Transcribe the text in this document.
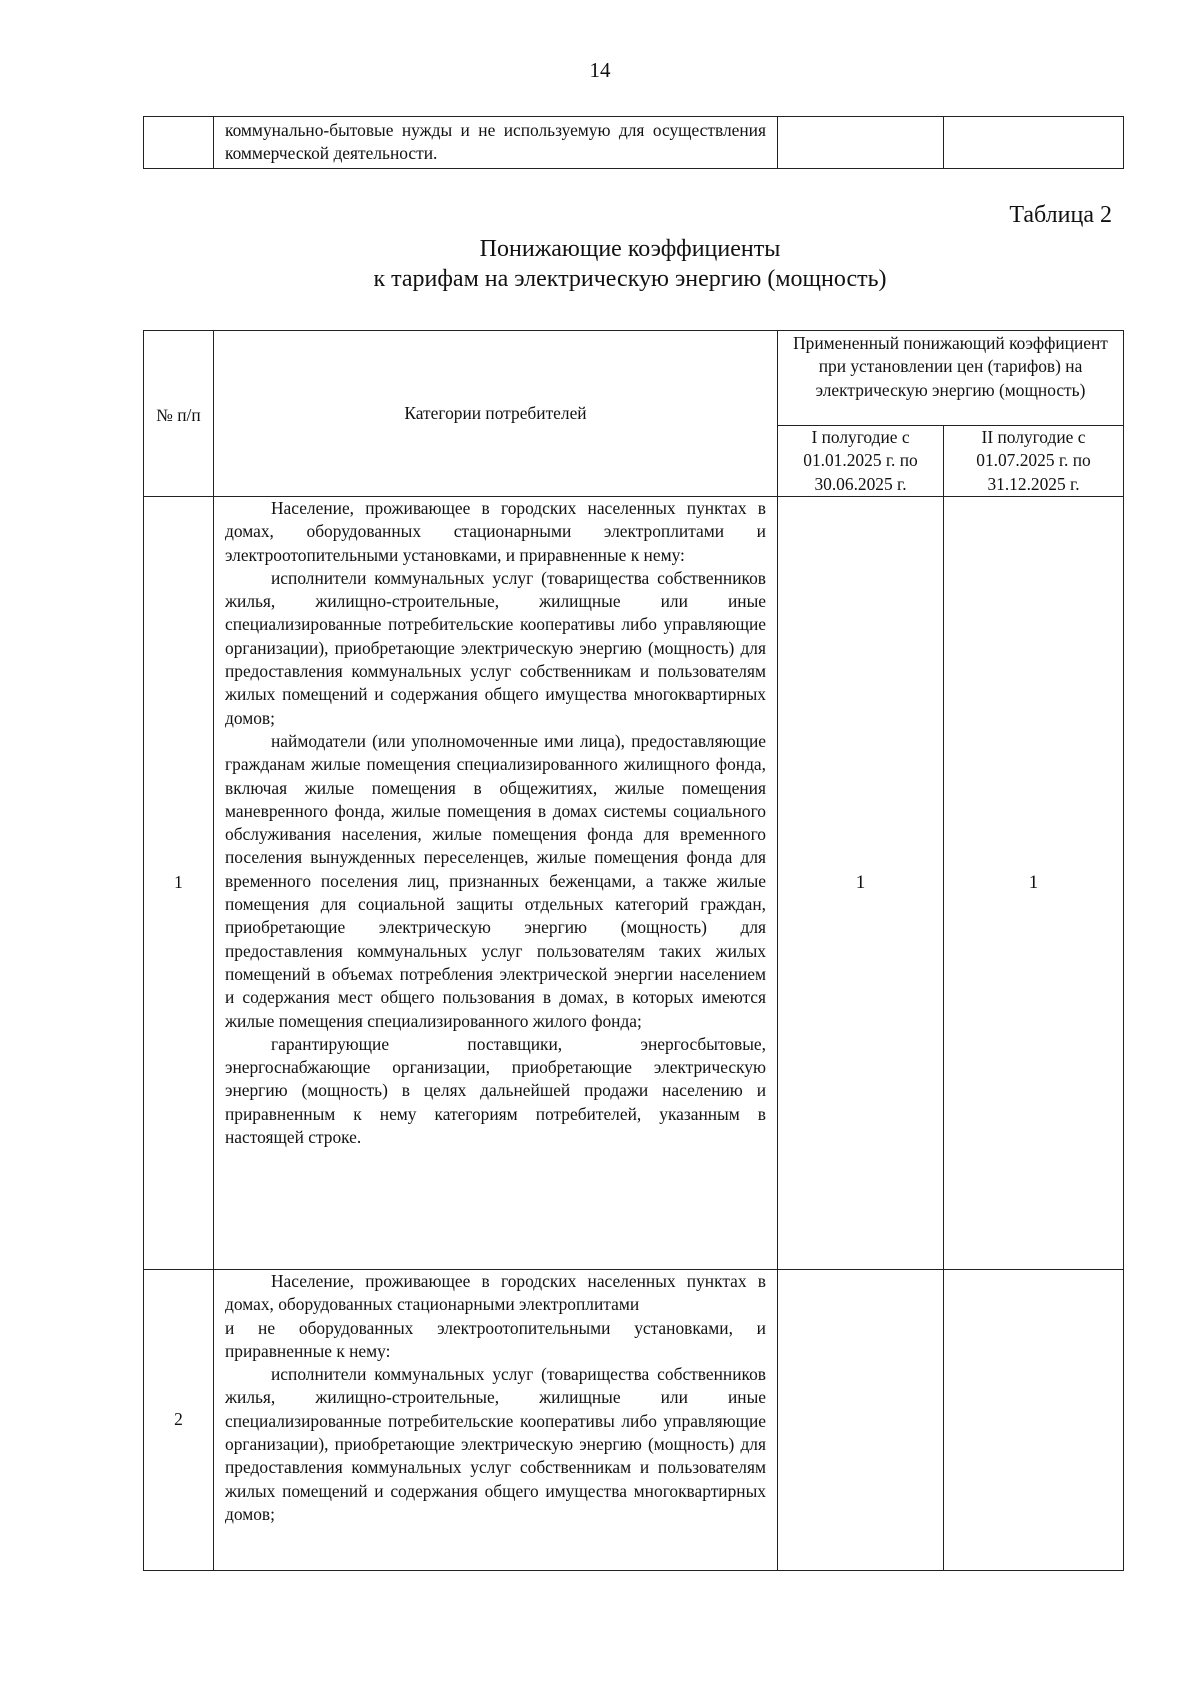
14
	коммунально-бытовые нужды и не используемую для осуществления коммерческой деятельности.		
Таблица 2
Понижающие коэффициенты
к тарифам на электрическую энергию (мощность)
№ п/п	Категории потребителей	Примененный понижающий коэффициент при установлении цен (тарифов) на электрическую энергию (мощность)	
		I полугодие с 01.01.2025 г. по 30.06.2025 г.	II полугодие с 01.07.2025 г. по 31.12.2025 г.
1	Население, проживающее в городских населенных пунктах в домах, оборудованных стационарными электроплитами и электроотопительными установками, и приравненные к нему:

исполнители коммунальных услуг (товарищества собственников жилья, жилищно-строительные, жилищные или иные специализированные потребительские кооперативы либо управляющие организации), приобретающие электрическую энергию (мощность) для предоставления коммунальных услуг собственникам и пользователям жилых помещений и содержания общего имущества многоквартирных домов;

наймодатели (или уполномоченные ими лица), предоставляющие гражданам жилые помещения специализированного жилищного фонда, включая жилые помещения в общежитиях, жилые помещения маневренного фонда, жилые помещения в домах системы социального обслуживания населения, жилые помещения фонда для временного поселения вынужденных переселенцев, жилые помещения фонда для временного поселения лиц, признанных беженцами, а также жилые помещения для социальной защиты отдельных категорий граждан, приобретающие электрическую энергию (мощность) для предоставления коммунальных услуг пользователям таких жилых помещений в объемах потребления электрической энергии населением и содержания мест общего пользования в домах, в которых имеются жилые помещения специализированного жилого фонда;

гарантирующие поставщики, энергосбытовые, энергоснабжающие организации, приобретающие электрическую энергию (мощность) в целях дальнейшей продажи населению и приравненным к нему категориям потребителей, указанным в настоящей строке.	1	1
2	Население, проживающее в городских населенных пунктах в домах, оборудованных стационарными электроплитами

и не оборудованных электроотопительными установками, и приравненные к нему:

исполнители коммунальных услуг (товарищества собственников жилья, жилищно-строительные, жилищные или иные специализированные потребительские кооперативы либо управляющие организации), приобретающие электрическую энергию (мощность) для предоставления коммунальных услуг собственникам и пользователям жилых помещений и содержания общего имущества многоквартирных домов;		
